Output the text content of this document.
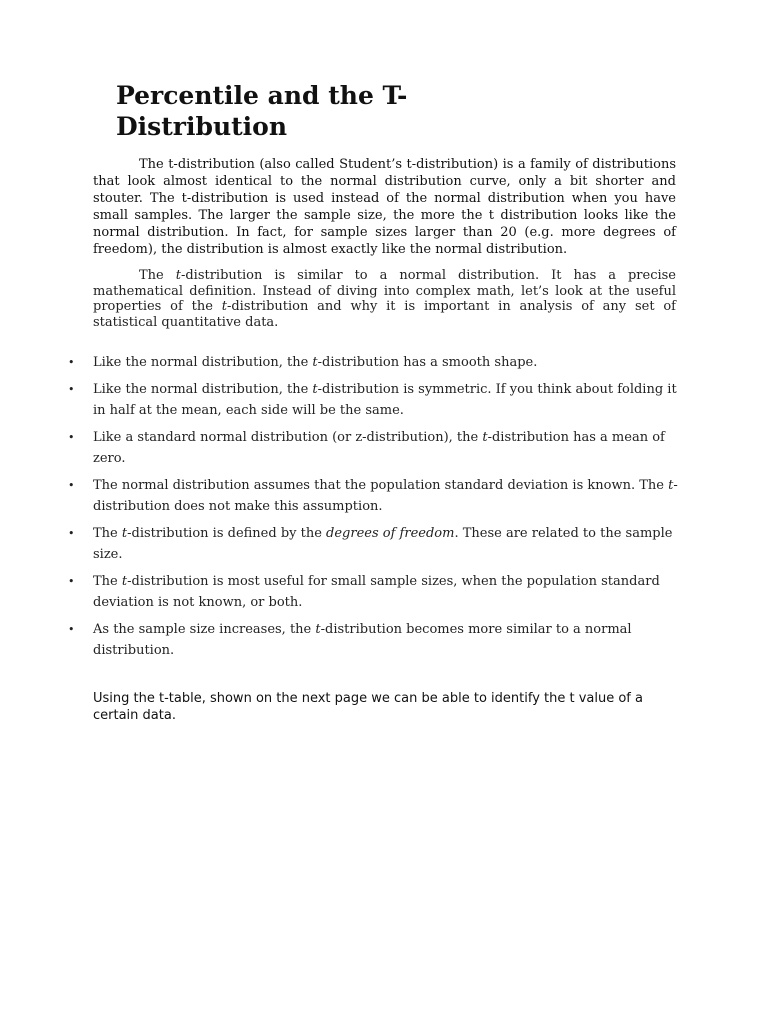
Percentile and the T-Distribution

The t-distribution (also called Student’s t-distribution) is a family of distributions that look almost identical to the normal distribution curve, only a bit shorter and stouter. The t-distribution is used instead of the normal distribution when you have small samples. The larger the sample size, the more the t distribution looks like the normal distribution. In fact, for sample sizes larger than 20 (e.g. more degrees of freedom), the distribution is almost exactly like the normal distribution.

The t-distribution is similar to a normal distribution. It has a precise mathematical definition. Instead of diving into complex math, let’s look at the useful properties of the t-distribution and why it is important in analysis of any set of statistical quantitative data.

• Like the normal distribution, the t-distribution has a smooth shape.
• Like the normal distribution, the t-distribution is symmetric. If you think about folding it in half at the mean, each side will be the same.
• Like a standard normal distribution (or z-distribution), the t-distribution has a mean of zero.
• The normal distribution assumes that the population standard deviation is known. The t-distribution does not make this assumption.
• The t-distribution is defined by the degrees of freedom. These are related to the sample size.
• The t-distribution is most useful for small sample sizes, when the population standard deviation is not known, or both.
• As the sample size increases, the t-distribution becomes more similar to a normal distribution.

Using the t-table, shown on the next page we can be able to identify the t value of a certain data.
